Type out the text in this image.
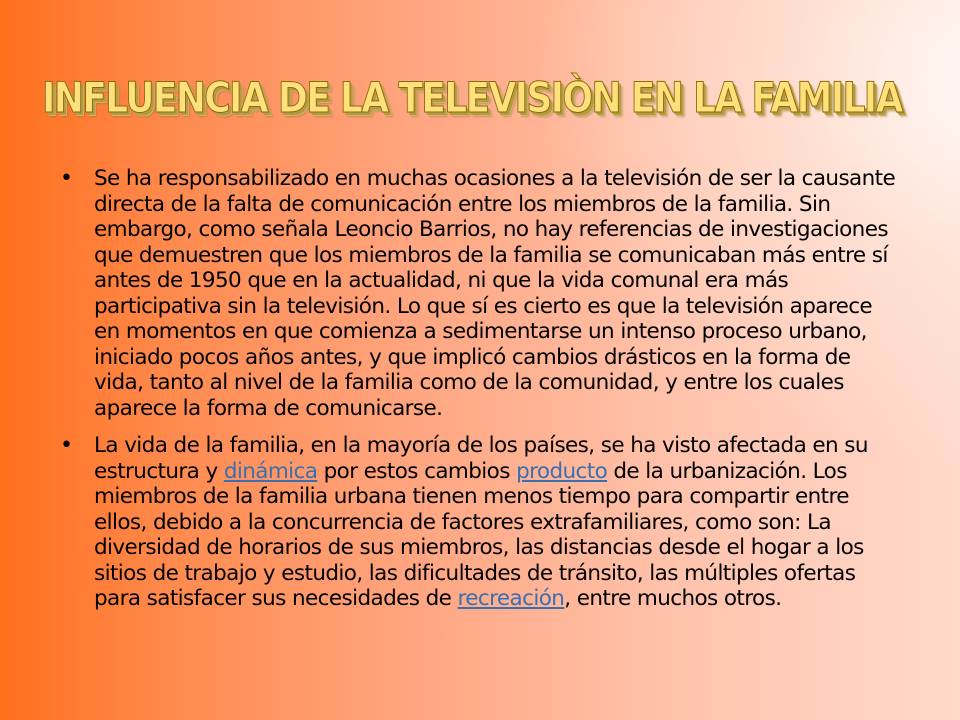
INFLUENCIA DE LA TELEVISIÒN EN LA FAMILIA
• Se ha responsabilizado en muchas ocasiones a la televisión de ser la causante directa de la falta de comunicación entre los miembros de la familia. Sin embargo, como señala Leoncio Barrios, no hay referencias de investigaciones que demuestren que los miembros de la familia se comunicaban más entre sí antes de 1950 que en la actualidad, ni que la vida comunal era más participativa sin la televisión. Lo que sí es cierto es que la televisión aparece en momentos en que comienza a sedimentarse un intenso proceso urbano, iniciado pocos años antes, y que implicó cambios drásticos en la forma de vida, tanto al nivel de la familia como de la comunidad, y entre los cuales aparece la forma de comunicarse.
• La vida de la familia, en la mayoría de los países, se ha visto afectada en su estructura y dinámica por estos cambios producto de la urbanización. Los miembros de la familia urbana tienen menos tiempo para compartir entre ellos, debido a la concurrencia de factores extrafamiliares, como son: La diversidad de horarios de sus miembros, las distancias desde el hogar a los sitios de trabajo y estudio, las dificultades de tránsito, las múltiples ofertas para satisfacer sus necesidades de recreación, entre muchos otros.
